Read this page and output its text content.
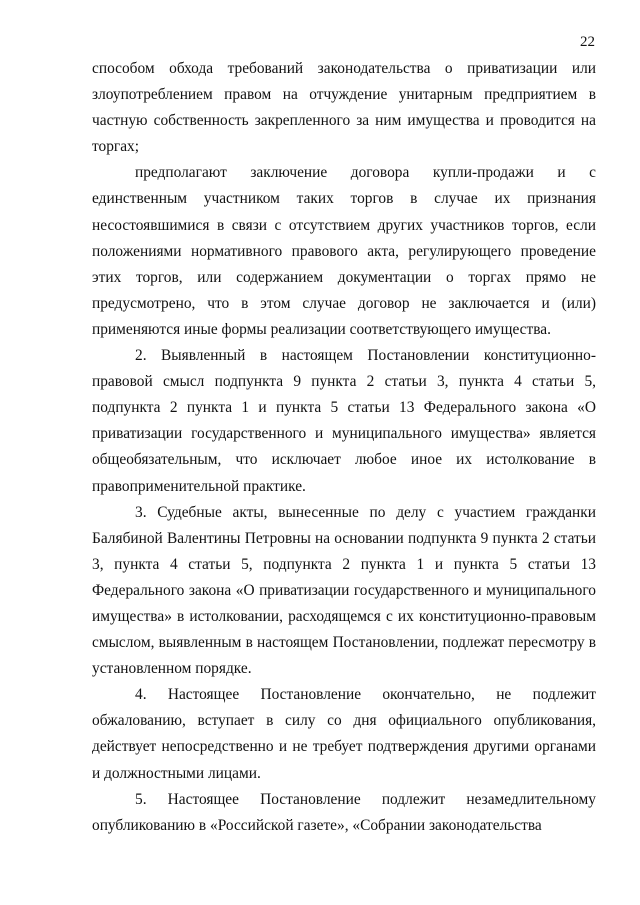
22

способом обхода требований законодательства о приватизации или злоупотреблением правом на отчуждение унитарным предприятием в частную собственность закрепленного за ним имущества и проводится на торгах;

предполагают заключение договора купли-продажи и с единственным участником таких торгов в случае их признания несостоявшимися в связи с отсутствием других участников торгов, если положениями нормативного правового акта, регулирующего проведение этих торгов, или содержанием документации о торгах прямо не предусмотрено, что в этом случае договор не заключается и (или) применяются иные формы реализации соответствующего имущества.

2. Выявленный в настоящем Постановлении конституционно-правовой смысл подпункта 9 пункта 2 статьи 3, пункта 4 статьи 5, подпункта 2 пункта 1 и пункта 5 статьи 13 Федерального закона «О приватизации государственного и муниципального имущества» является общеобязательным, что исключает любое иное их истолкование в правоприменительной практике.

3. Судебные акты, вынесенные по делу с участием гражданки Балябиной Валентины Петровны на основании подпункта 9 пункта 2 статьи 3, пункта 4 статьи 5, подпункта 2 пункта 1 и пункта 5 статьи 13 Федерального закона «О приватизации государственного и муниципального имущества» в истолковании, расходящемся с их конституционно-правовым смыслом, выявленным в настоящем Постановлении, подлежат пересмотру в установленном порядке.

4. Настоящее Постановление окончательно, не подлежит обжалованию, вступает в силу со дня официального опубликования, действует непосредственно и не требует подтверждения другими органами и должностными лицами.

5. Настоящее Постановление подлежит незамедлительному опубликованию в «Российской газете», «Собрании законодательства
